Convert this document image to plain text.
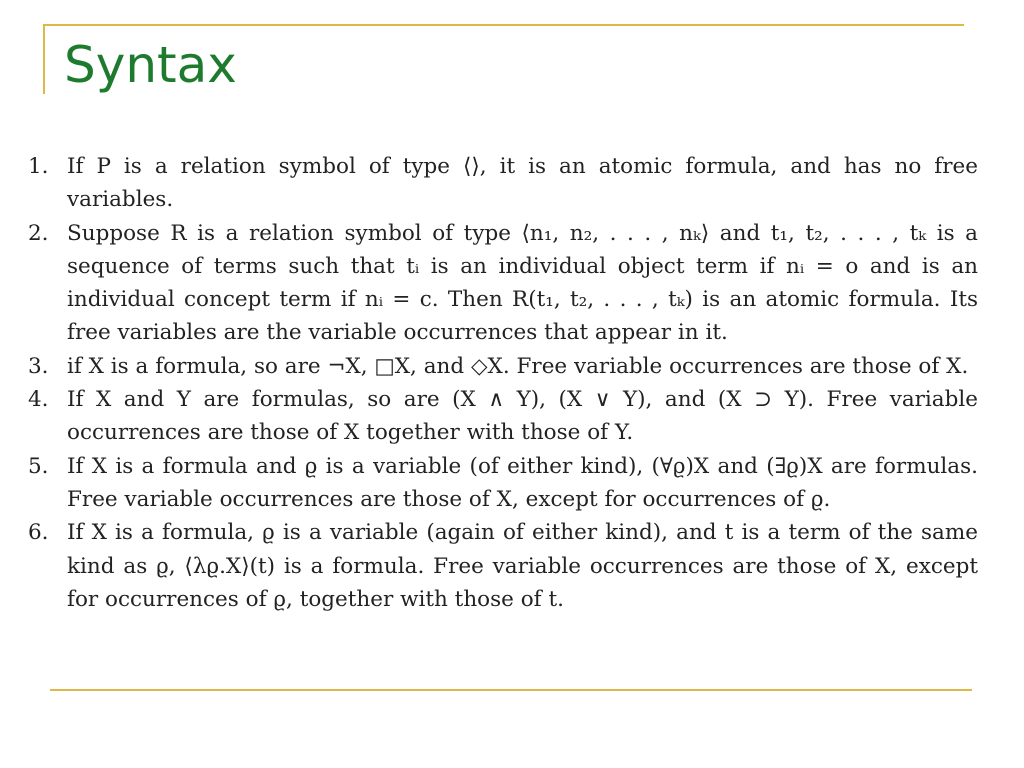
Syntax
1. If P is a relation symbol of type ⟨⟩, it is an atomic formula, and has no free variables.
2. Suppose R is a relation symbol of type ⟨n₁, n₂, . . . , nₖ⟩ and t₁, t₂, . . . , tₖ is a sequence of terms such that tᵢ is an individual object term if nᵢ = o and is an individual concept term if nᵢ = c. Then R(t₁, t₂, . . . , tₖ) is an atomic formula. Its free variables are the variable occurrences that appear in it.
3. if X is a formula, so are ¬X, □X, and ◇X. Free variable occurrences are those of X.
4. If X and Y are formulas, so are (X ∧ Y), (X ∨ Y), and (X ⊃ Y). Free variable occurrences are those of X together with those of Y.
5. If X is a formula and ϱ is a variable (of either kind), (∀ϱ)X and (∃ϱ)X are formulas. Free variable occurrences are those of X, except for occurrences of ϱ.
6. If X is a formula, ϱ is a variable (again of either kind), and t is a term of the same kind as ϱ, ⟨λϱ.X⟩(t) is a formula. Free variable occurrences are those of X, except for occurrences of ϱ, together with those of t.
